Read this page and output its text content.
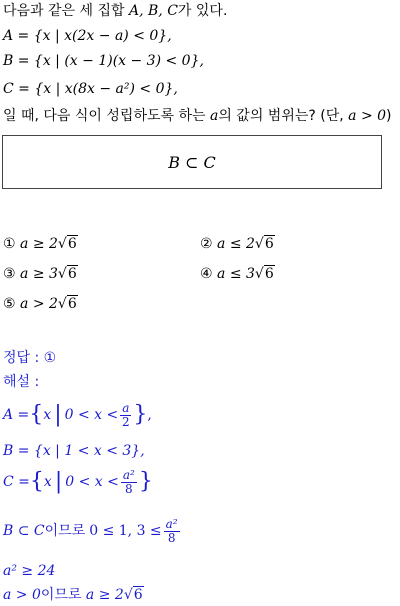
다음과 같은 세 집합 A, B, C가 있다.
A = {x | x(2x − a) < 0},
B = {x | (x − 1)(x − 3) < 0},
C = {x | x(8x − a²) < 0},
일 때, 다음 식이 성립하도록 하는 a의 값의 범위는? (단, a > 0)
B ⊂ C
① a ≥ 2√6	② a ≤ 2√6
③ a ≥ 3√6	④ a ≤ 3√6
⑤ a > 2√6
정답 : ①
해설 :
A = { x | $0 < x < \frac{a}{2}$ } ,
B = {x | 1 < x < 3},
C = { x | $0 < x < \frac{\text{a²}}{8}$ }
B ⊂ C 이므로 0 ≤ 1, $3 \le \frac{\text{a²}}{8}$
a² ≥ 24
a > 0이므로 a ≥ 2√6
